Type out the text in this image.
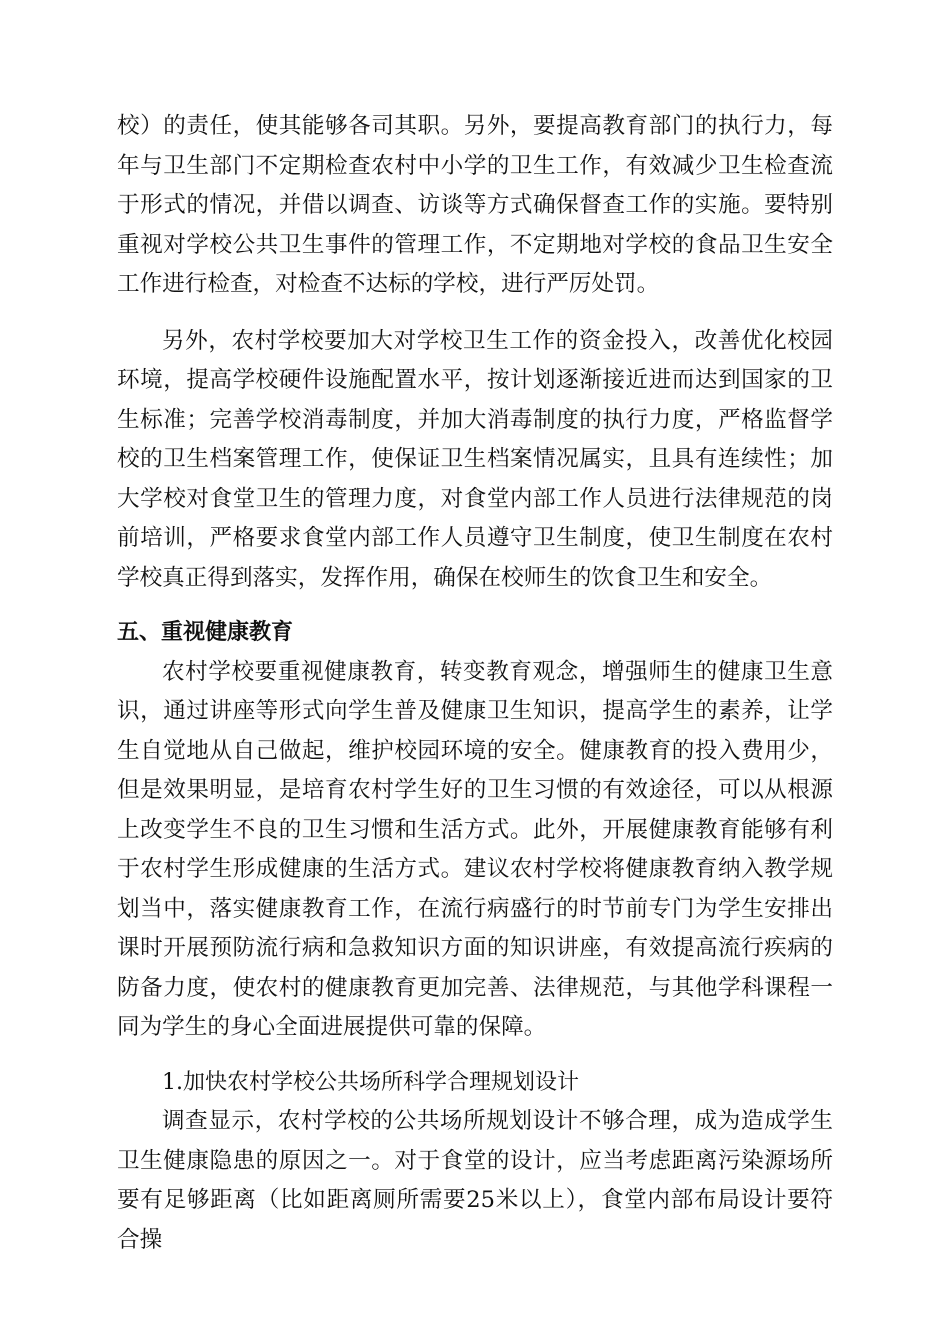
校）的责任，使其能够各司其职。另外，要提高教育部门的执行力，每年与卫生部门不定期检查农村中小学的卫生工作，有效减少卫生检查流于形式的情况，并借以调查、访谈等方式确保督查工作的实施。要特别重视对学校公共卫生事件的管理工作，不定期地对学校的食品卫生安全工作进行检查，对检查不达标的学校，进行严厉处罚。

另外，农村学校要加大对学校卫生工作的资金投入，改善优化校园环境，提高学校硬件设施配置水平，按计划逐渐接近进而达到国家的卫生标准；完善学校消毒制度，并加大消毒制度的执行力度，严格监督学校的卫生档案管理工作，使保证卫生档案情况属实，且具有连续性；加大学校对食堂卫生的管理力度，对食堂内部工作人员进行法律规范的岗前培训，严格要求食堂内部工作人员遵守卫生制度，使卫生制度在农村学校真正得到落实，发挥作用，确保在校师生的饮食卫生和安全。

五、重视健康教育

农村学校要重视健康教育，转变教育观念，增强师生的健康卫生意识，通过讲座等形式向学生普及健康卫生知识，提高学生的素养，让学生自觉地从自己做起，维护校园环境的安全。健康教育的投入费用少，但是效果明显，是培育农村学生好的卫生习惯的有效途径，可以从根源上改变学生不良的卫生习惯和生活方式。此外，开展健康教育能够有利于农村学生形成健康的生活方式。建议农村学校将健康教育纳入教学规划当中，落实健康教育工作，在流行病盛行的时节前专门为学生安排出课时开展预防流行病和急救知识方面的知识讲座，有效提高流行疾病的防备力度，使农村的健康教育更加完善、法律规范，与其他学科课程一同为学生的身心全面进展提供可靠的保障。

1.加快农村学校公共场所科学合理规划设计

调查显示，农村学校的公共场所规划设计不够合理，成为造成学生卫生健康隐患的原因之一。对于食堂的设计，应当考虑距离污染源场所要有足够距离（比如距离厕所需要25米以上），食堂内部布局设计要符合操
